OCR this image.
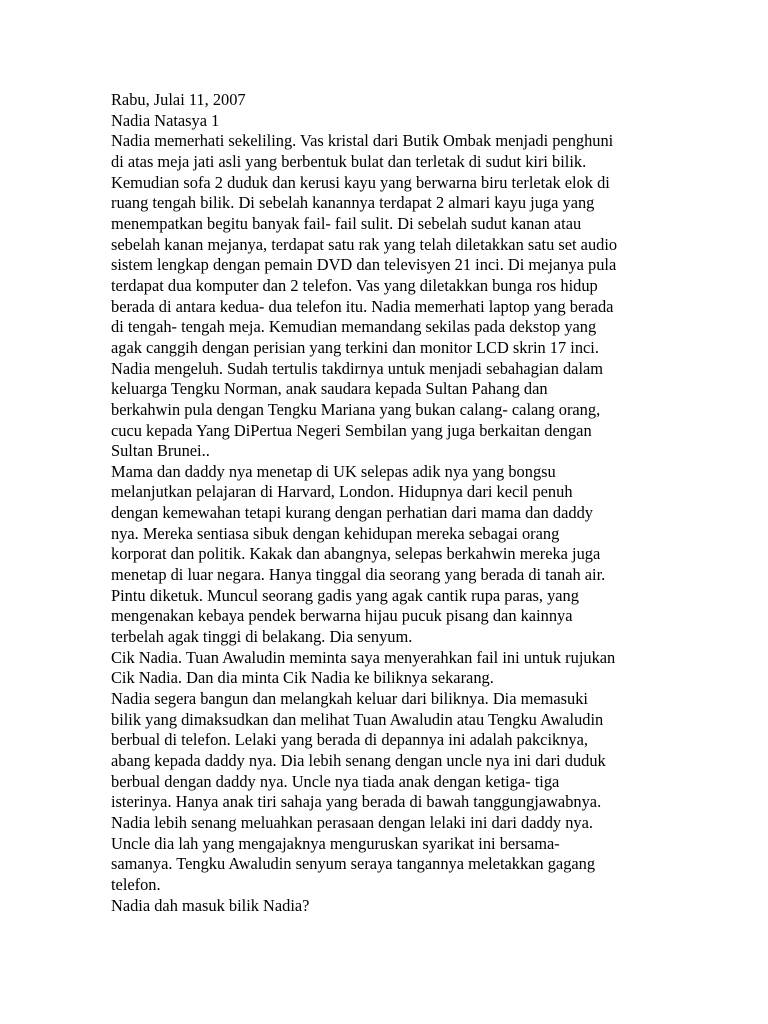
Rabu, Julai 11, 2007
Nadia Natasya 1
Nadia memerhati sekeliling. Vas kristal dari Butik Ombak menjadi penghuni
di atas meja jati asli yang berbentuk bulat dan terletak di sudut kiri bilik.
Kemudian sofa 2 duduk dan kerusi kayu yang berwarna biru terletak elok di
ruang tengah bilik. Di sebelah kanannya terdapat 2 almari kayu juga yang
menempatkan begitu banyak fail- fail sulit. Di sebelah sudut kanan atau
sebelah kanan mejanya, terdapat satu rak yang telah diletakkan satu set audio
sistem lengkap dengan pemain DVD dan televisyen 21 inci. Di mejanya pula
terdapat dua komputer dan 2 telefon. Vas yang diletakkan bunga ros hidup
berada di antara kedua- dua telefon itu. Nadia memerhati laptop yang berada
di tengah- tengah meja. Kemudian memandang sekilas pada dekstop yang
agak canggih dengan perisian yang terkini dan monitor LCD skrin 17 inci.
Nadia mengeluh. Sudah tertulis takdirnya untuk menjadi sebahagian dalam
keluarga Tengku Norman, anak saudara kepada Sultan Pahang dan
berkahwin pula dengan Tengku Mariana yang bukan calang- calang orang,
cucu kepada Yang DiPertua Negeri Sembilan yang juga berkaitan dengan
Sultan Brunei..
Mama dan daddy nya menetap di UK selepas adik nya yang bongsu
melanjutkan pelajaran di Harvard, London. Hidupnya dari kecil penuh
dengan kemewahan tetapi kurang dengan perhatian dari mama dan daddy
nya. Mereka sentiasa sibuk dengan kehidupan mereka sebagai orang
korporat dan politik. Kakak dan abangnya, selepas berkahwin mereka juga
menetap di luar negara. Hanya tinggal dia seorang yang berada di tanah air.
Pintu diketuk. Muncul seorang gadis yang agak cantik rupa paras, yang
mengenakan kebaya pendek berwarna hijau pucuk pisang dan kainnya
terbelah agak tinggi di belakang. Dia senyum.
Cik Nadia. Tuan Awaludin meminta saya menyerahkan fail ini untuk rujukan
Cik Nadia. Dan dia minta Cik Nadia ke biliknya sekarang.
Nadia segera bangun dan melangkah keluar dari biliknya. Dia memasuki
bilik yang dimaksudkan dan melihat Tuan Awaludin atau Tengku Awaludin
berbual di telefon. Lelaki yang berada di depannya ini adalah pakciknya,
abang kepada daddy nya. Dia lebih senang dengan uncle nya ini dari duduk
berbual dengan daddy nya. Uncle nya tiada anak dengan ketiga- tiga
isterinya. Hanya anak tiri sahaja yang berada di bawah tanggungjawabnya.
Nadia lebih senang meluahkan perasaan dengan lelaki ini dari daddy nya.
Uncle dia lah yang mengajaknya menguruskan syarikat ini bersama-
samanya. Tengku Awaludin senyum seraya tangannya meletakkan gagang
telefon.
Nadia dah masuk bilik Nadia?
